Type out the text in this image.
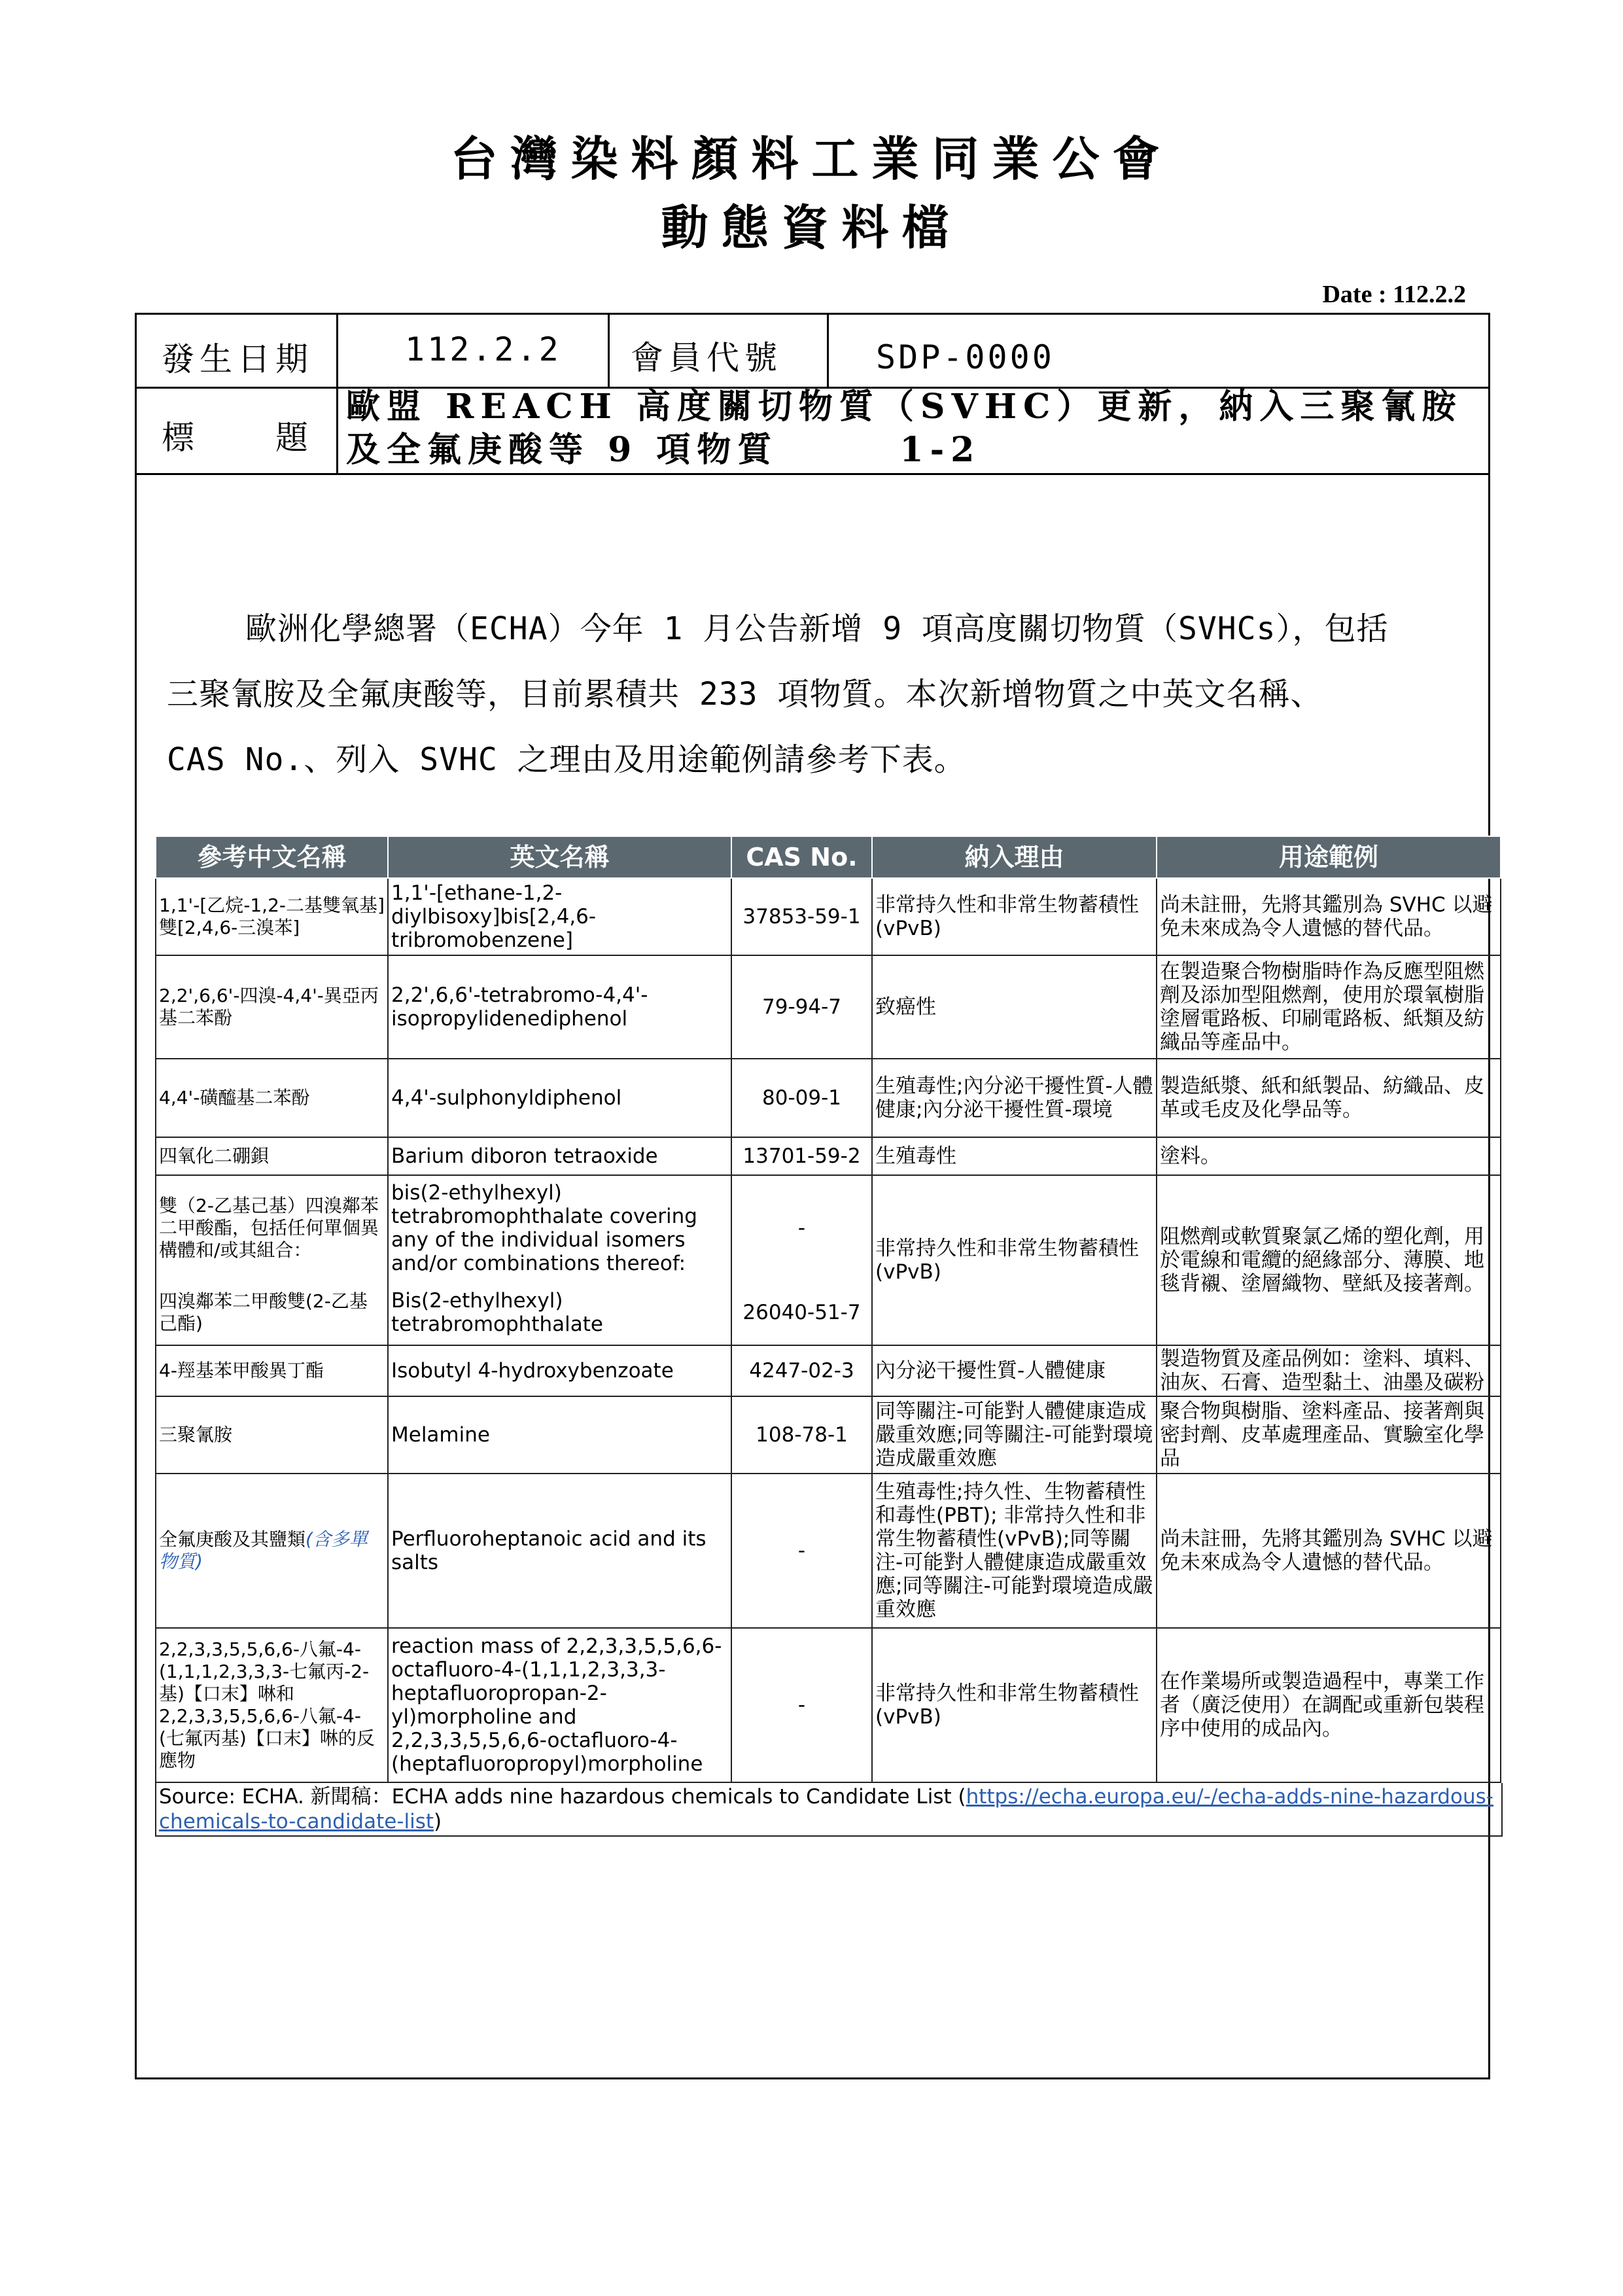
台灣染料顏料工業同業公會
動態資料檔
Date : 112.2.2
發生日期	112.2.2 會員代號	SDP-0000
標　　題
歐盟 REACH 高度關切物質（SVHC）更新，納入三聚氰胺
及全氟庚酸等 9 項物質　　　1-2
歐洲化學總署（ECHA）今年 1 月公告新增 9 項高度關切物質（SVHCs），包括
三聚氰胺及全氟庚酸等，目前累積共 233 項物質。本次新增物質之中英文名稱、
CAS No.、列入 SVHC 之理由及用途範例請參考下表。
參考中文名稱	英文名稱	CAS No.	納入理由	用途範例
1,1'-[乙烷-1,2-二基雙氧基]雙[2,4,6-三溴苯]	1,1'-[ethane-1,2-diylbisoxy]bis[2,4,6-tribromobenzene]	37853-59-1	非常持久性和非常生物蓄積性(vPvB)	尚未註冊，先將其鑑別為 SVHC 以避免未來成為令人遺憾的替代品。
2,2',6,6'-四溴-4,4'-異亞丙基二苯酚	2,2',6,6'-tetrabromo-4,4'-isopropylidenediphenol	79-94-7	致癌性	在製造聚合物樹脂時作為反應型阻燃劑及添加型阻燃劑，使用於環氧樹脂塗層電路板、印刷電路板、紙類及紡織品等產品中。
4,4'-磺醯基二苯酚	4,4'-sulphonyldiphenol	80-09-1	生殖毒性;內分泌干擾性質-人體健康;內分泌干擾性質-環境	製造紙漿、紙和紙製品、紡織品、皮革或毛皮及化學品等。
四氧化二硼鋇	Barium diboron tetraoxide	13701-59-2	生殖毒性	塗料。
雙（2-乙基己基）四溴鄰苯二甲酸酯，包括任何單個異構體和/或其組合：	bis(2-ethylhexyl) tetrabromophthalate covering any of the individual isomers and/or combinations thereof:	-	非常持久性和非常生物蓄積性(vPvB)	阻燃劑或軟質聚氯乙烯的塑化劑，用於電線和電纜的絕緣部分、薄膜、地毯背襯、塗層織物、壁紙及接著劑。
四溴鄰苯二甲酸雙(2-乙基己酯)	Bis(2-ethylhexyl) tetrabromophthalate	26040-51-7		
4-羥基苯甲酸異丁酯	Isobutyl 4-hydroxybenzoate	4247-02-3	內分泌干擾性質-人體健康	製造物質及產品例如：塗料、填料、油灰、石膏、造型黏土、油墨及碳粉
三聚氰胺	Melamine	108-78-1	同等關注-可能對人體健康造成嚴重效應;同等關注-可能對環境造成嚴重效應	聚合物與樹脂、塗料產品、接著劑與密封劑、皮革處理產品、實驗室化學品
全氟庚酸及其鹽類(含多單物質)	Perfluoroheptanoic acid and its salts	-	生殖毒性;持久性、生物蓄積性和毒性(PBT); 非常持久性和非常生物蓄積性(vPvB);同等關注-可能對人體健康造成嚴重效應;同等關注-可能對環境造成嚴重效應	尚未註冊，先將其鑑別為 SVHC 以避免未來成為令人遺憾的替代品。
2,2,3,3,5,5,6,6-八氟-4-(1,1,1,2,3,3,3-七氟丙-2-基)【口末】啉和2,2,3,3,5,5,6,6-八氟-4-(七氟丙基)【口末】啉的反應物	reaction mass of 2,2,3,3,5,5,6,6-octafluoro-4-(1,1,1,2,3,3,3-heptafluoropropan-2-yl)morpholine and 2,2,3,3,5,5,6,6-octafluoro-4-(heptafluoropropyl)morpholine	-	非常持久性和非常生物蓄積性(vPvB)	在作業場所或製造過程中，專業工作者（廣泛使用）在調配或重新包裝程序中使用的成品內。
Source: ECHA. 新聞稿：ECHA adds nine hazardous chemicals to Candidate List (https://echa.europa.eu/-/echa-adds-nine-hazardous-chemicals-to-candidate-list)
